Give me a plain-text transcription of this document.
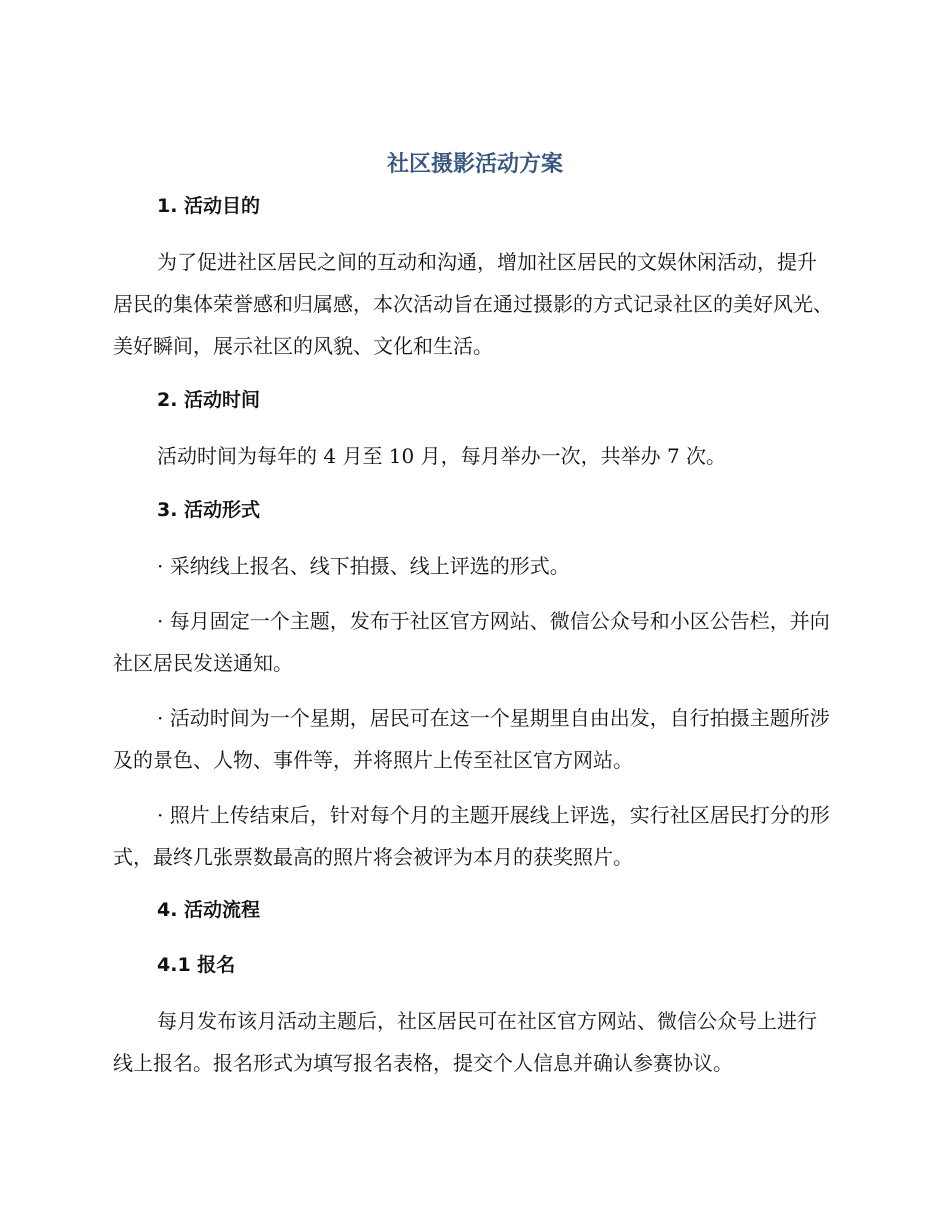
社区摄影活动方案
1. 活动目的
为了促进社区居民之间的互动和沟通，增加社区居民的文娱休闲活动，提升居民的集体荣誉感和归属感，本次活动旨在通过摄影的方式记录社区的美好风光、美好瞬间，展示社区的风貌、文化和生活。
2. 活动时间
活动时间为每年的 4 月至 10 月，每月举办一次，共举办 7 次。
3. 活动形式
· 采纳线上报名、线下拍摄、线上评选的形式。
· 每月固定一个主题，发布于社区官方网站、微信公众号和小区公告栏，并向社区居民发送通知。
· 活动时间为一个星期，居民可在这一个星期里自由出发，自行拍摄主题所涉及的景色、人物、事件等，并将照片上传至社区官方网站。
· 照片上传结束后，针对每个月的主题开展线上评选，实行社区居民打分的形式，最终几张票数最高的照片将会被评为本月的获奖照片。
4. 活动流程
4.1 报名
每月发布该月活动主题后，社区居民可在社区官方网站、微信公众号上进行线上报名。报名形式为填写报名表格，提交个人信息并确认参赛协议。
